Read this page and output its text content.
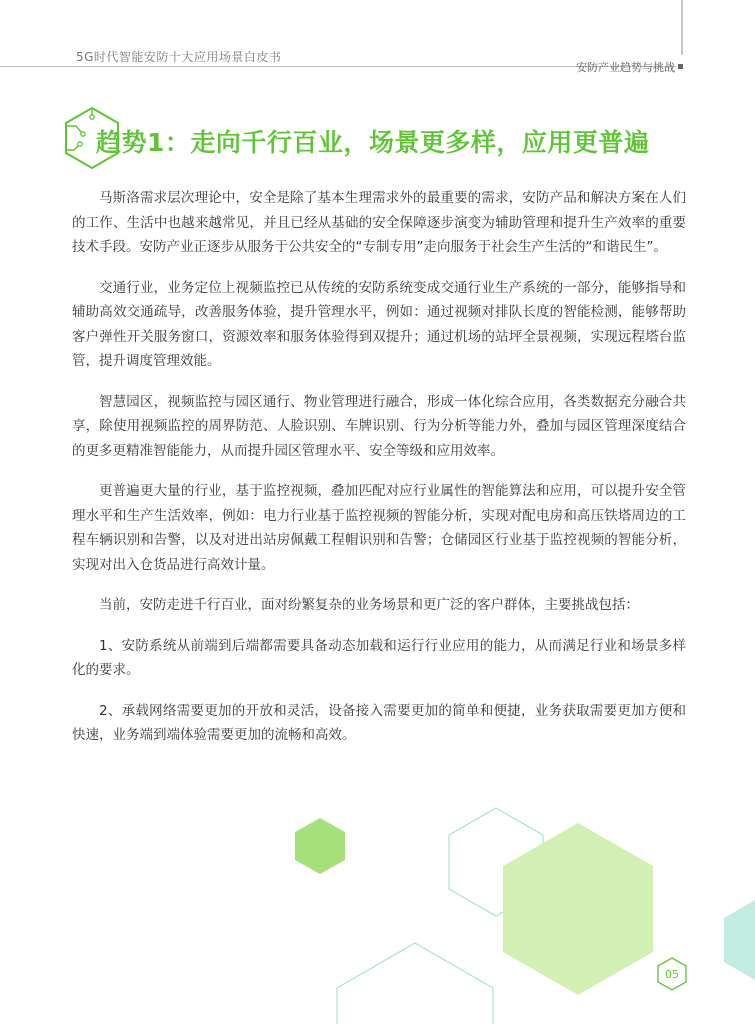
5G时代智能安防十大应用场景白皮书
安防产业趋势与挑战
趋势1：走向千行百业，场景更多样，应用更普遍

马斯洛需求层次理论中，安全是除了基本生理需求外的最重要的需求，安防产品和解决方案在人们的工作、生活中也越来越常见，并且已经从基础的安全保障逐步演变为辅助管理和提升生产效率的重要技术手段。安防产业正逐步从服务于公共安全的“专制专用”走向服务于社会生产生活的“和谐民生”。

交通行业，业务定位上视频监控已从传统的安防系统变成交通行业生产系统的一部分，能够指导和辅助高效交通疏导，改善服务体验，提升管理水平，例如：通过视频对排队长度的智能检测，能够帮助客户弹性开关服务窗口，资源效率和服务体验得到双提升；通过机场的站坪全景视频，实现远程塔台监管，提升调度管理效能。

智慧园区，视频监控与园区通行、物业管理进行融合，形成一体化综合应用，各类数据充分融合共享，除使用视频监控的周界防范、人脸识别、车牌识别、行为分析等能力外，叠加与园区管理深度结合的更多更精准智能能力，从而提升园区管理水平、安全等级和应用效率。

更普遍更大量的行业，基于监控视频，叠加匹配对应行业属性的智能算法和应用，可以提升安全管理水平和生产生活效率，例如：电力行业基于监控视频的智能分析，实现对配电房和高压铁塔周边的工程车辆识别和告警，以及对进出站房佩戴工程帽识别和告警；仓储园区行业基于监控视频的智能分析，实现对出入仓货品进行高效计量。

当前，安防走进千行百业，面对纷繁复杂的业务场景和更广泛的客户群体，主要挑战包括：

1、安防系统从前端到后端都需要具备动态加载和运行行业应用的能力，从而满足行业和场景多样化的要求。

2、承载网络需要更加的开放和灵活，设备接入需要更加的简单和便捷，业务获取需要更加方便和快速，业务端到端体验需要更加的流畅和高效。

05
